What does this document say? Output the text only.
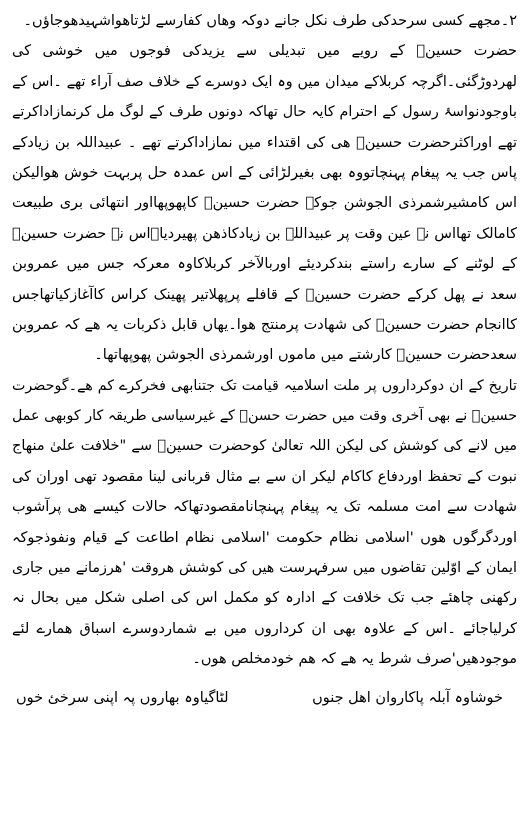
۲۔مجھے کسی سرحدکی طرف نکل جانے دوکہ وھاں کفارسے لڑتاھواشہیدھوجاؤں۔
حضرت حسینؓ کے رویے میں تبدیلی سے یزیدکی فوجوں میں خوشی کی
لھردوڑگئی۔اگرچہ کربلاکے میدان میں وہ ایک دوسرے کے خلاف صف آراء تھے ۔اس کے
باوجودنواسۂ رسول کے احترام کایہ حال تھاکہ دونوں طرف کے لوگ مل کرنمازاداکرتے
تھے اوراکثرحضرت حسینؓ ھی کی اقتداء میں نمازاداکرتے تھے ۔ عبیداللہ بن زیادکے
پاس جب یہ پیغام پہنچاتووہ بھی بغیرلڑائی کے اس عمدہ حل پربہت خوش ھوالیکن
اس کامشیرشمرذی الجوشن جوکہ حضرت حسینؓ کاپھوپھااور انتھائی بری طبیعت
کامالک تھااس نے عین وقت پر عبیداللہ بن زیادکاذھن پھیردیا۔اس نے حضرت حسینؓ
کے لوٹنے کے سارے راستے بندکردیئے اوربالآخر کربلاکاوہ معرکہ جس میں عمروبن
سعد نے پھل کرکے حضرت حسینؓ کے قافلے پرپھلاتیر پھینک کراس کاآغازکیاتھاجس
کاانجام حضرت حسینؓ کی شھادت پرمنتج ھوا۔یھاں قابل ذکربات یہ ھے کہ عمروبن
سعدحضرت حسینؓ کارشتے میں ماموں اورشمرذی الجوشن پھوپھاتھا۔
تاریخ کے ان دوکرداروں پر ملت اسلامیہ قیامت تک جتنابھی فخرکرے کم ھے۔گوحضرت
حسینؓ نے بھی آخری وقت میں حضرت حسنؓ کے غیرسیاسی طریقہ کار کوبھی عمل
میں لانے کی کوشش کی لیکن اللہ تعالیٰ کوحضرت حسینؓ سے "خلافت علیٰ منھاج
نبوت کے تحفظ اوردفاع کاکام لیکر ان سے بے مثال قربانی لینا مقصود تھی اوران کی
شھادت سے امت مسلمہ تک یہ پیغام پہنچانامقصودتھاکہ حالات کیسے ھی پرآشوب
اوردگرگوں ھوں 'اسلامی نظام حکومت 'اسلامی نظام اطاعت کے قیام ونفوذجوکہ
ایمان کے اوّلین تقاضوں میں سرفہرست ھیں کی کوشش ھروقت 'ھرزمانے میں جاری
رکھنی چاھئے جب تک خلافت کے ادارہ کو مکمل اس کی اصلی شکل میں بحال نہ
کرلیاجائے ۔اس کے علاوہ بھی ان کرداروں میں بے شماردوسرے اسباق ھمارے لئے
موجودھیں'صرف شرط یہ ھے کہ ھم خودمخلص ھوں۔
خوشاوہ آبلہ پاکاروان اھل جنوں
لٹاگیاوہ بھاروں پہ اپنی سرخئ خوں
